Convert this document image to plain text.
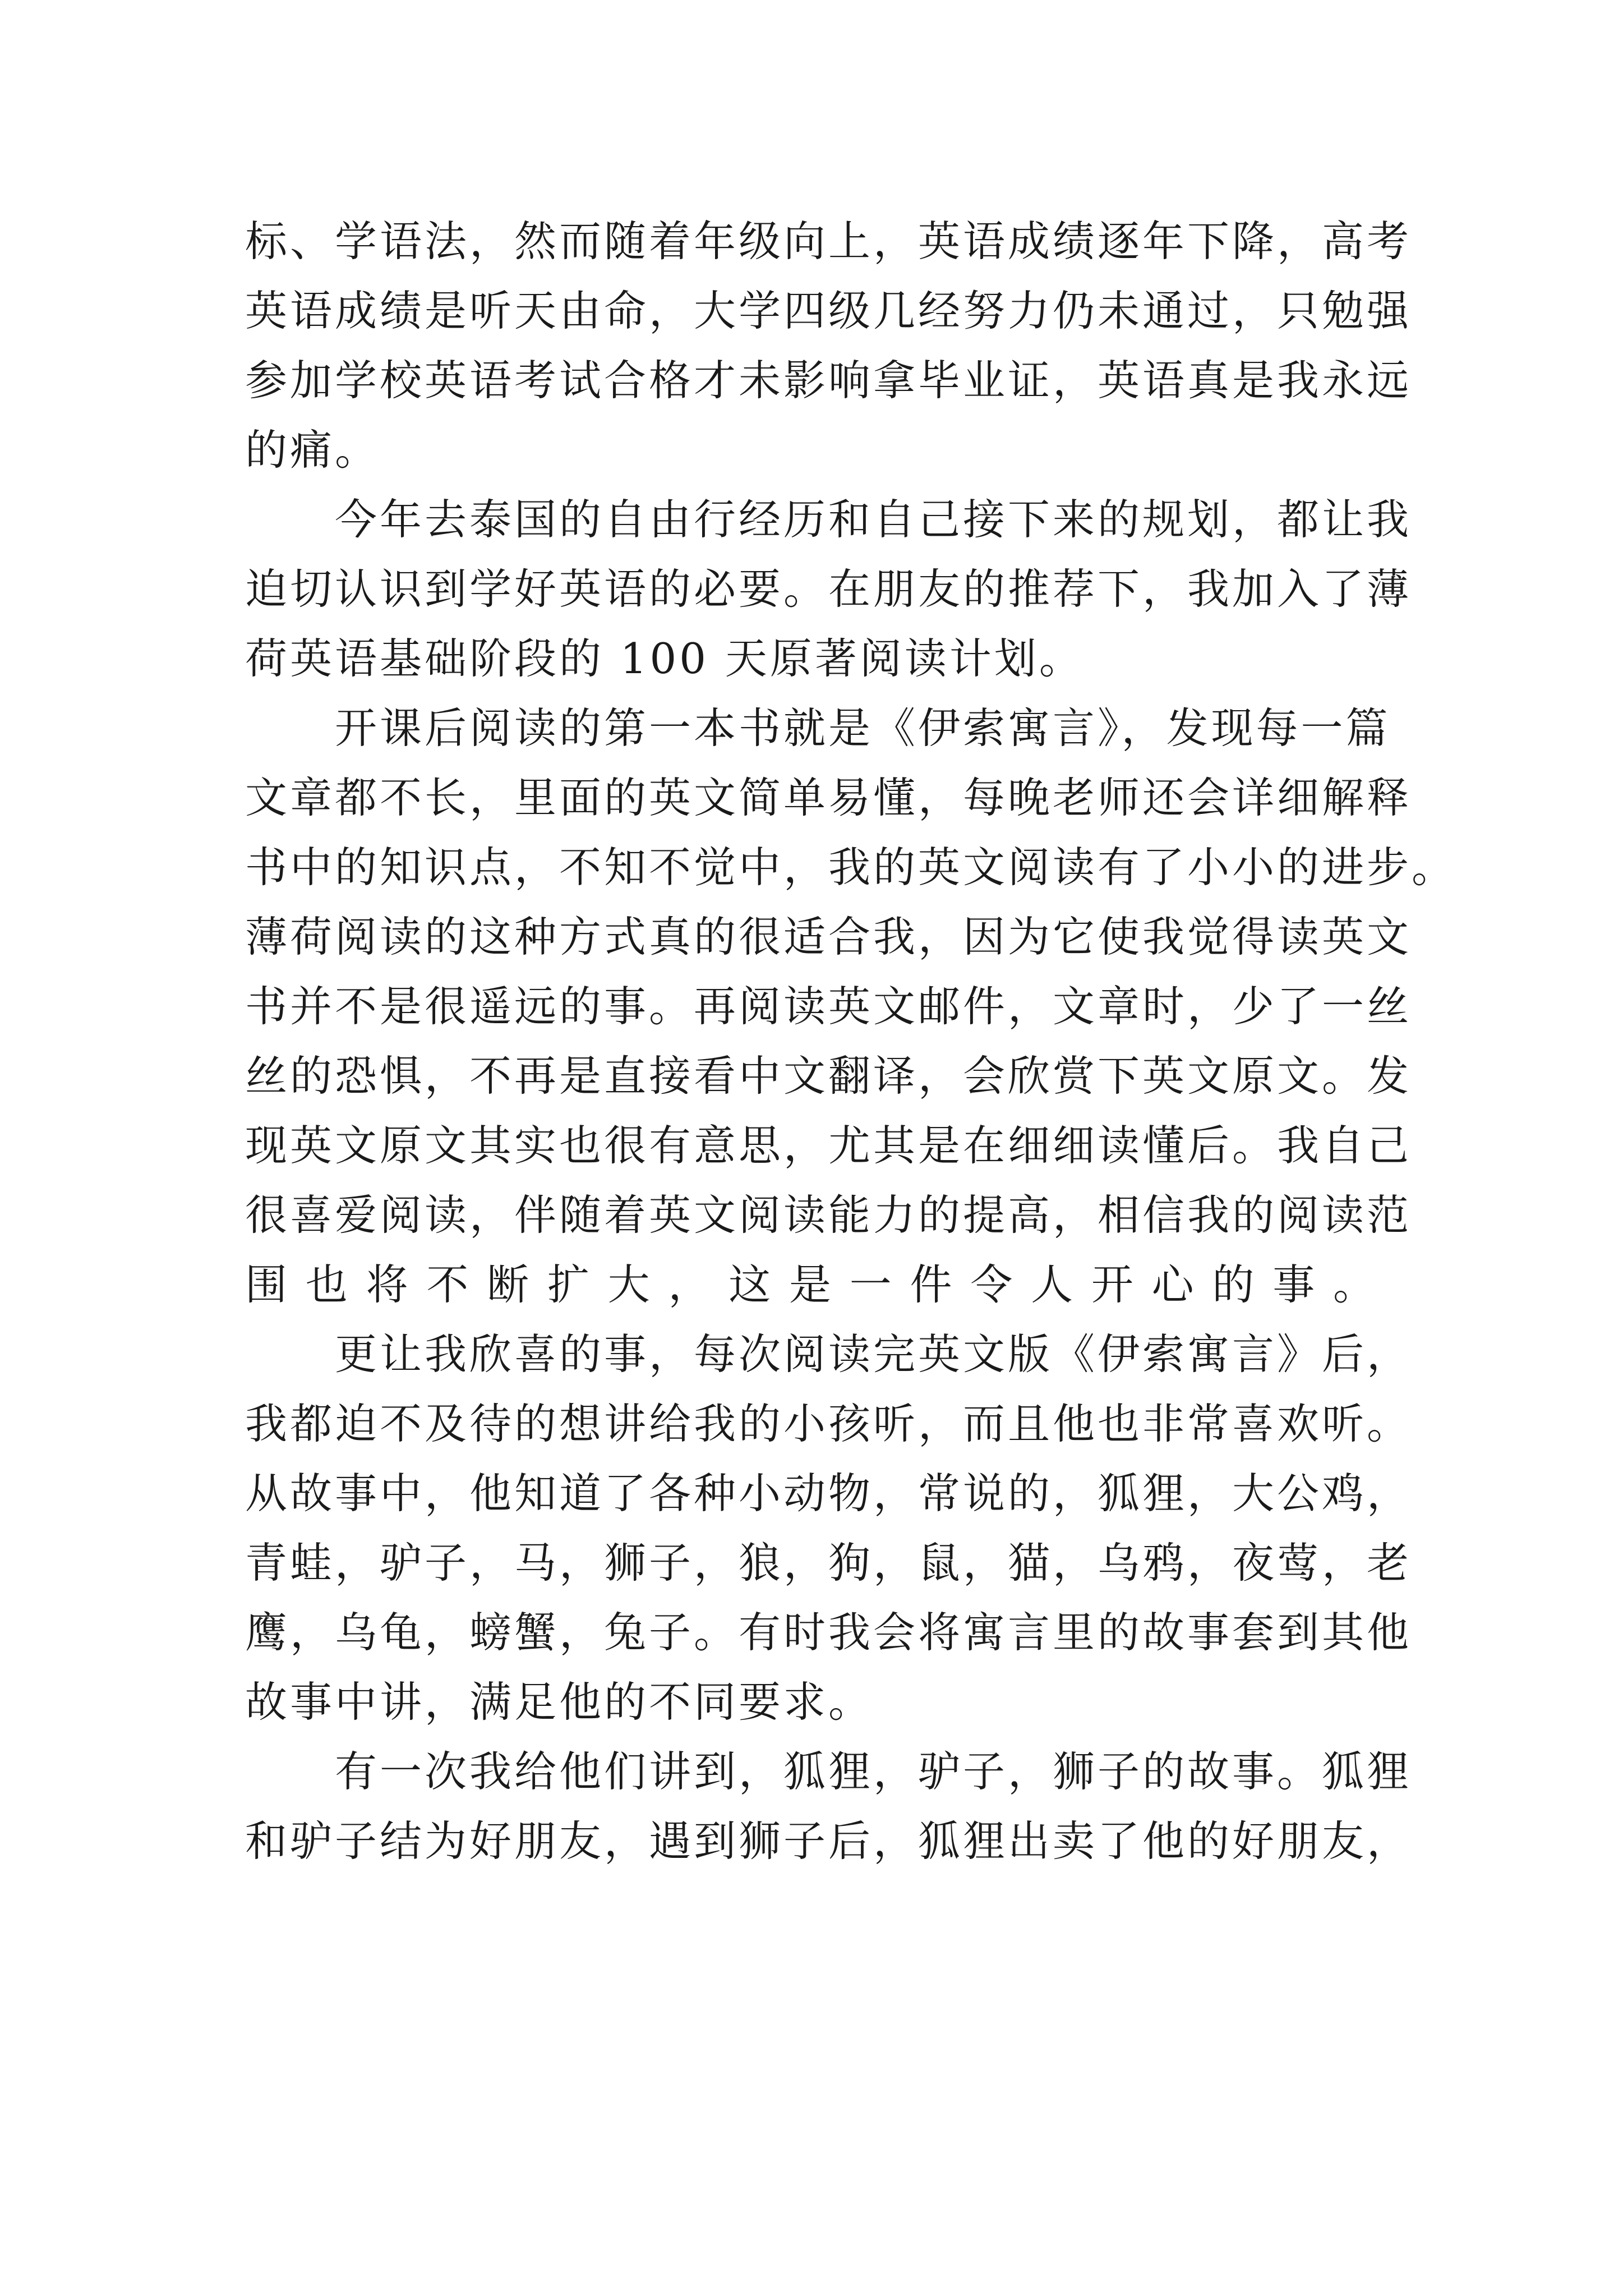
标、学语法，然而随着年级向上，英语成绩逐年下降，高考
英语成绩是听天由命，大学四级几经努力仍未通过，只勉强
参加学校英语考试合格才未影响拿毕业证，英语真是我永远
的痛。

今年去泰国的自由行经历和自己接下来的规划，都让我
迫切认识到学好英语的必要。在朋友的推荐下，我加入了薄
荷英语基础阶段的 100 天原著阅读计划。

开课后阅读的第一本书就是《伊索寓言》，发现每一篇
文章都不长，里面的英文简单易懂，每晚老师还会详细解释
书中的知识点，不知不觉中，我的英文阅读有了小小的进步。
薄荷阅读的这种方式真的很适合我，因为它使我觉得读英文
书并不是很遥远的事。再阅读英文邮件，文章时，少了一丝
丝的恐惧，不再是直接看中文翻译，会欣赏下英文原文。发
现英文原文其实也很有意思，尤其是在细细读懂后。我自己
很喜爱阅读，伴随着英文阅读能力的提高，相信我的阅读范
围也将不断扩大，这是一件令人开心的事。

更让我欣喜的事，每次阅读完英文版《伊索寓言》后，
我都迫不及待的想讲给我的小孩听，而且他也非常喜欢听。
从故事中，他知道了各种小动物，常说的，狐狸，大公鸡，
青蛙，驴子，马，狮子，狼，狗，鼠，猫，乌鸦，夜莺，老
鹰，乌龟，螃蟹，兔子。有时我会将寓言里的故事套到其他
故事中讲，满足他的不同要求。

有一次我给他们讲到，狐狸，驴子，狮子的故事。狐狸
和驴子结为好朋友，遇到狮子后，狐狸出卖了他的好朋友，
